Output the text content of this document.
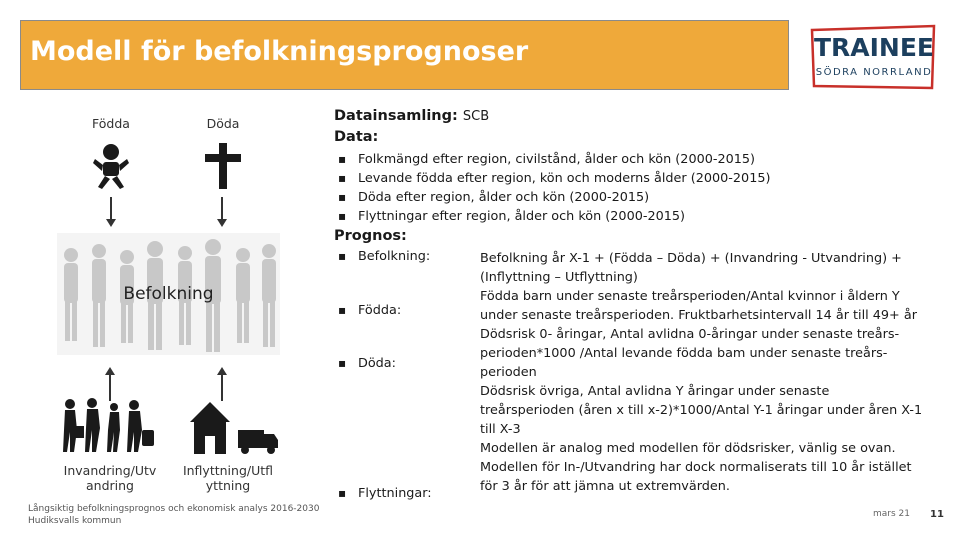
Modell för befolkningsprognoser	TRAINEE
SÖDRA NORRLAND
Födda	Döda
Befolkning
Invandring/Utv
andring
Inflyttning/Utfl
yttning
Datainsamling: SCB
Data:
▪ Folkmängd efter region, civilstånd, ålder och kön (2000-2015)
▪ Levande födda efter region, kön och moderns ålder (2000-2015)
▪ Döda efter region, ålder och kön (2000-2015)
▪ Flyttningar efter region, ålder och kön (2000-2015)
Prognos:
▪ Befolkning:
▪ Födda:
▪ Döda:
▪ Flyttningar:
Befolkning år X-1 + (Födda – Döda) + (Invandring - Utvandring) +
(Inflyttning – Utflyttning)
Födda barn under senaste treårsperioden/Antal kvinnor i åldern Y
under senaste treårsperioden. Fruktbarhetsintervall 14 år till 49+ år
Dödsrisk 0- åringar, Antal avlidna 0-åringar under senaste treårs-
perioden*1000 /Antal levande födda bam under senaste treårs-
perioden
Dödsrisk övriga, Antal avlidna Y åringar under senaste
treårsperioden (åren x till x-2)*1000/Antal Y-1 åringar under åren X-1
till X-3
Modellen är analog med modellen för dödsrisker, vänlig se ovan.
Modellen för In-/Utvandring har dock normaliserats till 10 år istället
för 3 år för att jämna ut extremvärden.
Långsiktig befolkningsprognos och ekonomisk analys 2016-2030
Hudiksvalls kommun
mars 21 11
